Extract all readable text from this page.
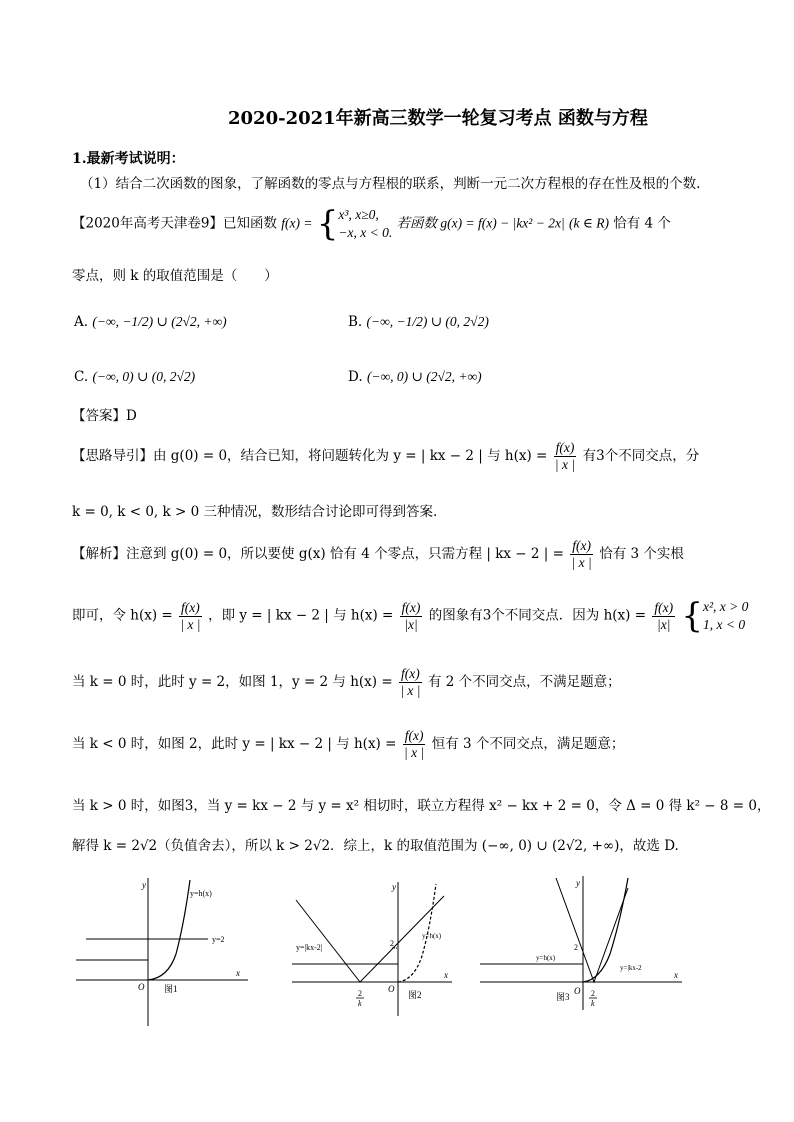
2020-2021年新高三数学一轮复习考点 函数与方程
1.最新考试说明：
（1）结合二次函数的图象，了解函数的零点与方程根的联系，判断一元二次方程根的存在性及根的个数.
【2020年高考天津卷9】已知函数 f(x) = {x³, x≥0,
−x, x < 0. 若函数 g(x) = f(x) − |kx² − 2x| (k ∈ R) 恰有 4 个
零点，则 k 的取值范围是（　　）
A. (−∞, −1/2) ∪ (2√2, +∞)	B. (−∞, −1/2) ∪ (0, 2√2)
C. (−∞, 0) ∪ (0, 2√2)	D. (−∞, 0) ∪ (2√2, +∞)
【答案】D
【思路导引】由 g(0) = 0，结合已知，将问题转化为 y = | kx − 2 | 与 $h(x) = \frac{f(x)}{| x |}$ 有3个不同交点，分
k = 0, k < 0, k > 0 三种情况，数形结合讨论即可得到答案.
【解析】注意到 g(0) = 0，所以要使 g(x) 恰有 4 个零点，只需方程 | kx − 2 | = $\frac{f(x)}{| x |}$ 恰有 3 个实根
即可，令 $h(x) = \frac{f(x)}{| x |}$ ，即 y = | kx − 2 | 与 $h(x) = \frac{f(x)}{|x|}$ 的图象有3个不同交点．因为 $h(x) = \frac{f(x)}{|x|} \{x^2$, x > 0
1, x < 0
当 k = 0 时，此时 y = 2，如图 1，y = 2 与 $h(x) = \frac{f(x)}{| x |}$ 有 2 个不同交点，不满足题意；
当 k < 0 时，如图 2，此时 y = | kx − 2 | 与 $h(x) = \frac{f(x)}{| x |}$ 恒有 3 个不同交点，满足题意；
当 k > 0 时，如图3，当 y = kx − 2 与 y = x² 相切时，联立方程得 x² − kx + 2 = 0，令 Δ = 0 得 k² − 8 = 0，
解得 k = 2√2（负值舍去），所以 k > 2√2．综上，k 的取值范围为 (−∞, 0) ∪ (2√2, +∞)，故选 D.
y
x
O
y=h(x)
y=2
图1
y
x
O
2
y=|kx-2|
y=h(x)
2
k
图2
y
x
O
2
y=h(x)
y=|kx-2
2
k
图3
